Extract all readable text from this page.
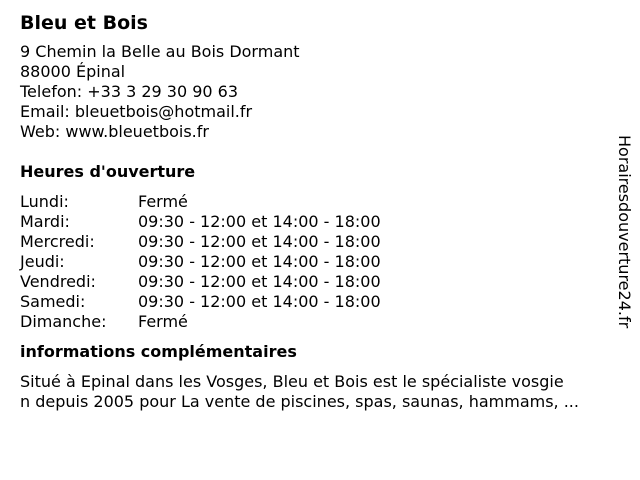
Bleu et Bois
9 Chemin la Belle au Bois Dormant
88000 Épinal
Telefon: +33 3 29 30 90 63
Email: bleuetbois@hotmail.fr
Web: www.bleuetbois.fr
Heures d'ouverture
Lundi:	Fermé
Mardi:	09:30 - 12:00 et 14:00 - 18:00
Mercredi:	09:30 - 12:00 et 14:00 - 18:00
Jeudi:	09:30 - 12:00 et 14:00 - 18:00
Vendredi:	09:30 - 12:00 et 14:00 - 18:00
Samedi:	09:30 - 12:00 et 14:00 - 18:00
Dimanche:	Fermé
informations complémentaires
Situé à Epinal dans les Vosges, Bleu et Bois est le spécialiste vosgie
n depuis 2005 pour La vente de piscines, spas, saunas, hammams, ...
Horairesdouverture24.fr
